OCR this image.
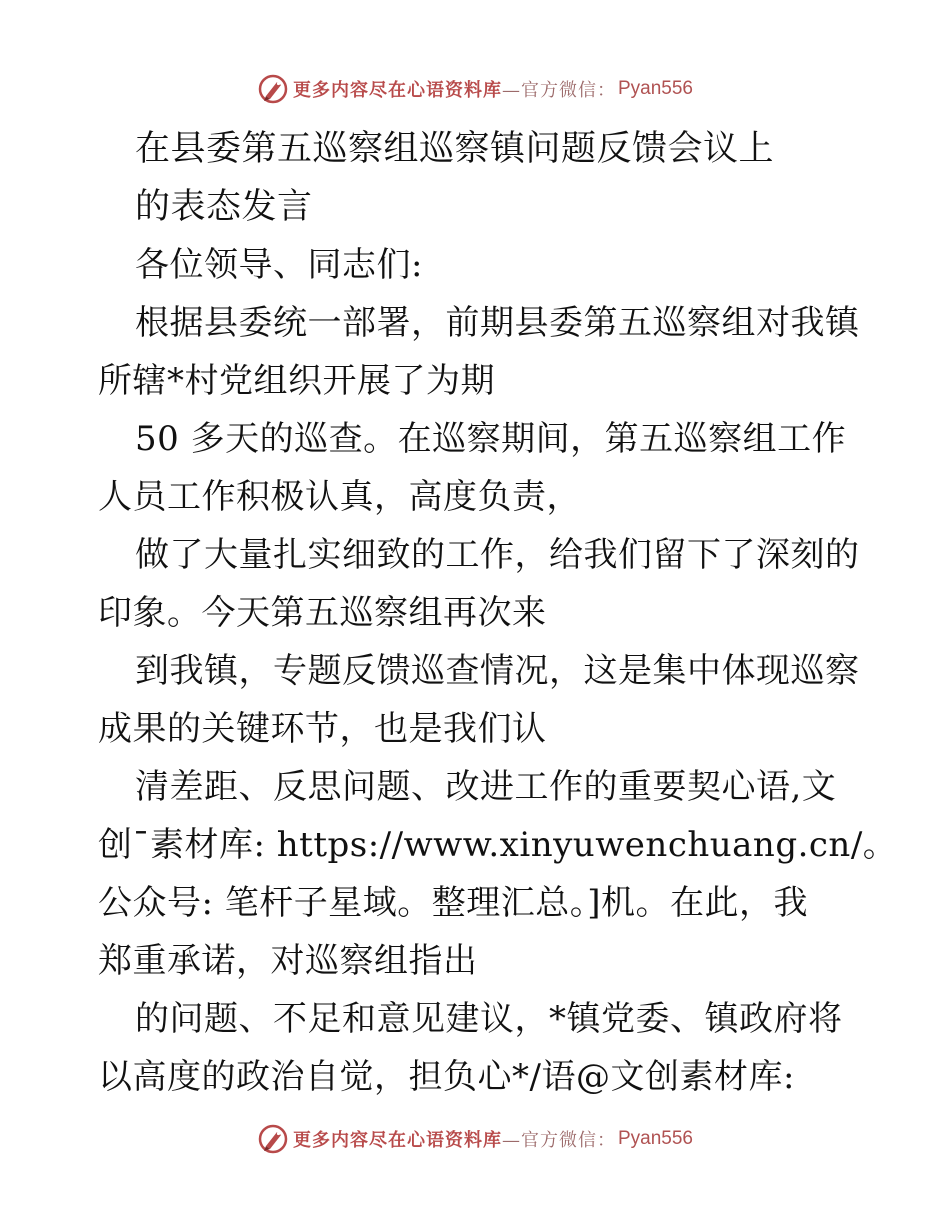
更多内容尽在心语资料库 —官方微信： Pyan556
在县委第五巡察组巡察镇问题反馈会议上
的表态发言
各位领导、同志们:
根据县委统一部署，前期县委第五巡察组对我镇
所辖*村党组织开展了为期
50 多天的巡查。在巡察期间，第五巡察组工作
人员工作积极认真，高度负责，
做了大量扎实细致的工作，给我们留下了深刻的
印象。今天第五巡察组再次来
到我镇，专题反馈巡查情况，这是集中体现巡察
成果的关键环节，也是我们认
清差距、反思问题、改进工作的重要契心语,文
创¯素材库: https://www.xinyuwenchuang.cn/。
公众号: 笔杆子星域。整理汇总。]机。在此，我
郑重承诺，对巡察组指出
的问题、不足和意见建议，*镇党委、镇政府将
以高度的政治自觉，担负心*/语@文创素材库:
更多内容尽在心语资料库 —官方微信： Pyan556
